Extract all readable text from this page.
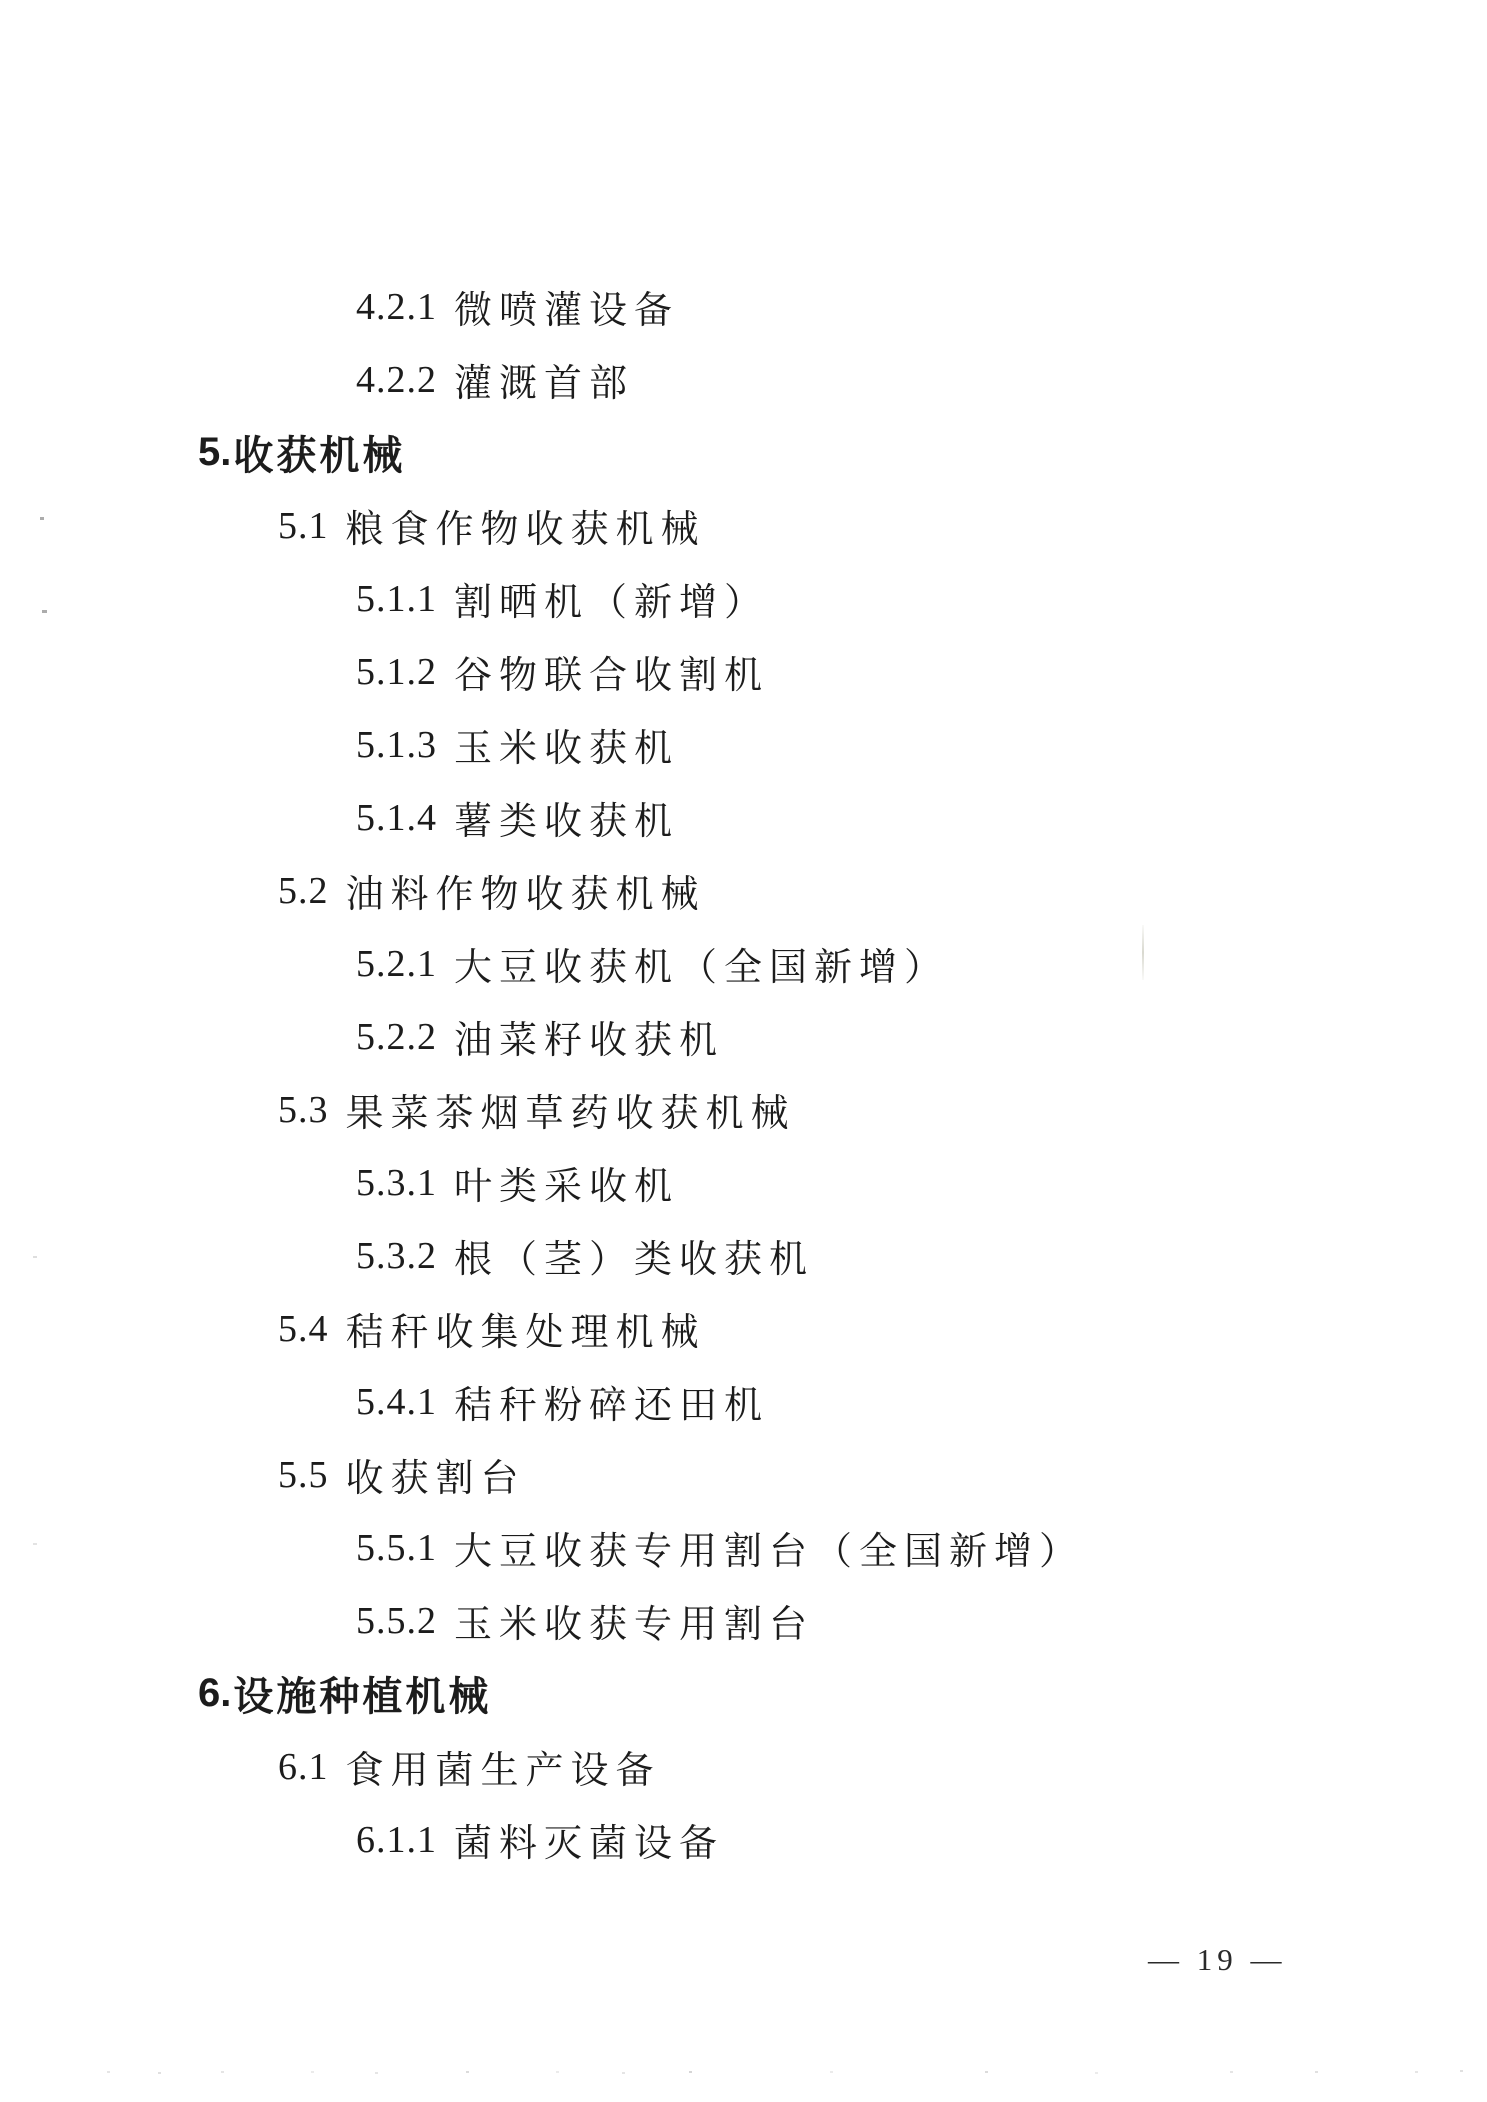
4.2.1 微喷灌设备
4.2.2 灌溉首部
5. 收获机械
5.1 粮食作物收获机械
5.1.1 割晒机（新增）
5.1.2 谷物联合收割机
5.1.3 玉米收获机
5.1.4 薯类收获机
5.2 油料作物收获机械
5.2.1 大豆收获机（全国新增）
5.2.2 油菜籽收获机
5.3 果菜茶烟草药收获机械
5.3.1 叶类采收机
5.3.2 根（茎）类收获机
5.4 秸秆收集处理机械
5.4.1 秸秆粉碎还田机
5.5 收获割台
5.5.1 大豆收获专用割台（全国新增）
5.5.2 玉米收获专用割台
6. 设施种植机械
6.1 食用菌生产设备
6.1.1 菌料灭菌设备
— 19 —
